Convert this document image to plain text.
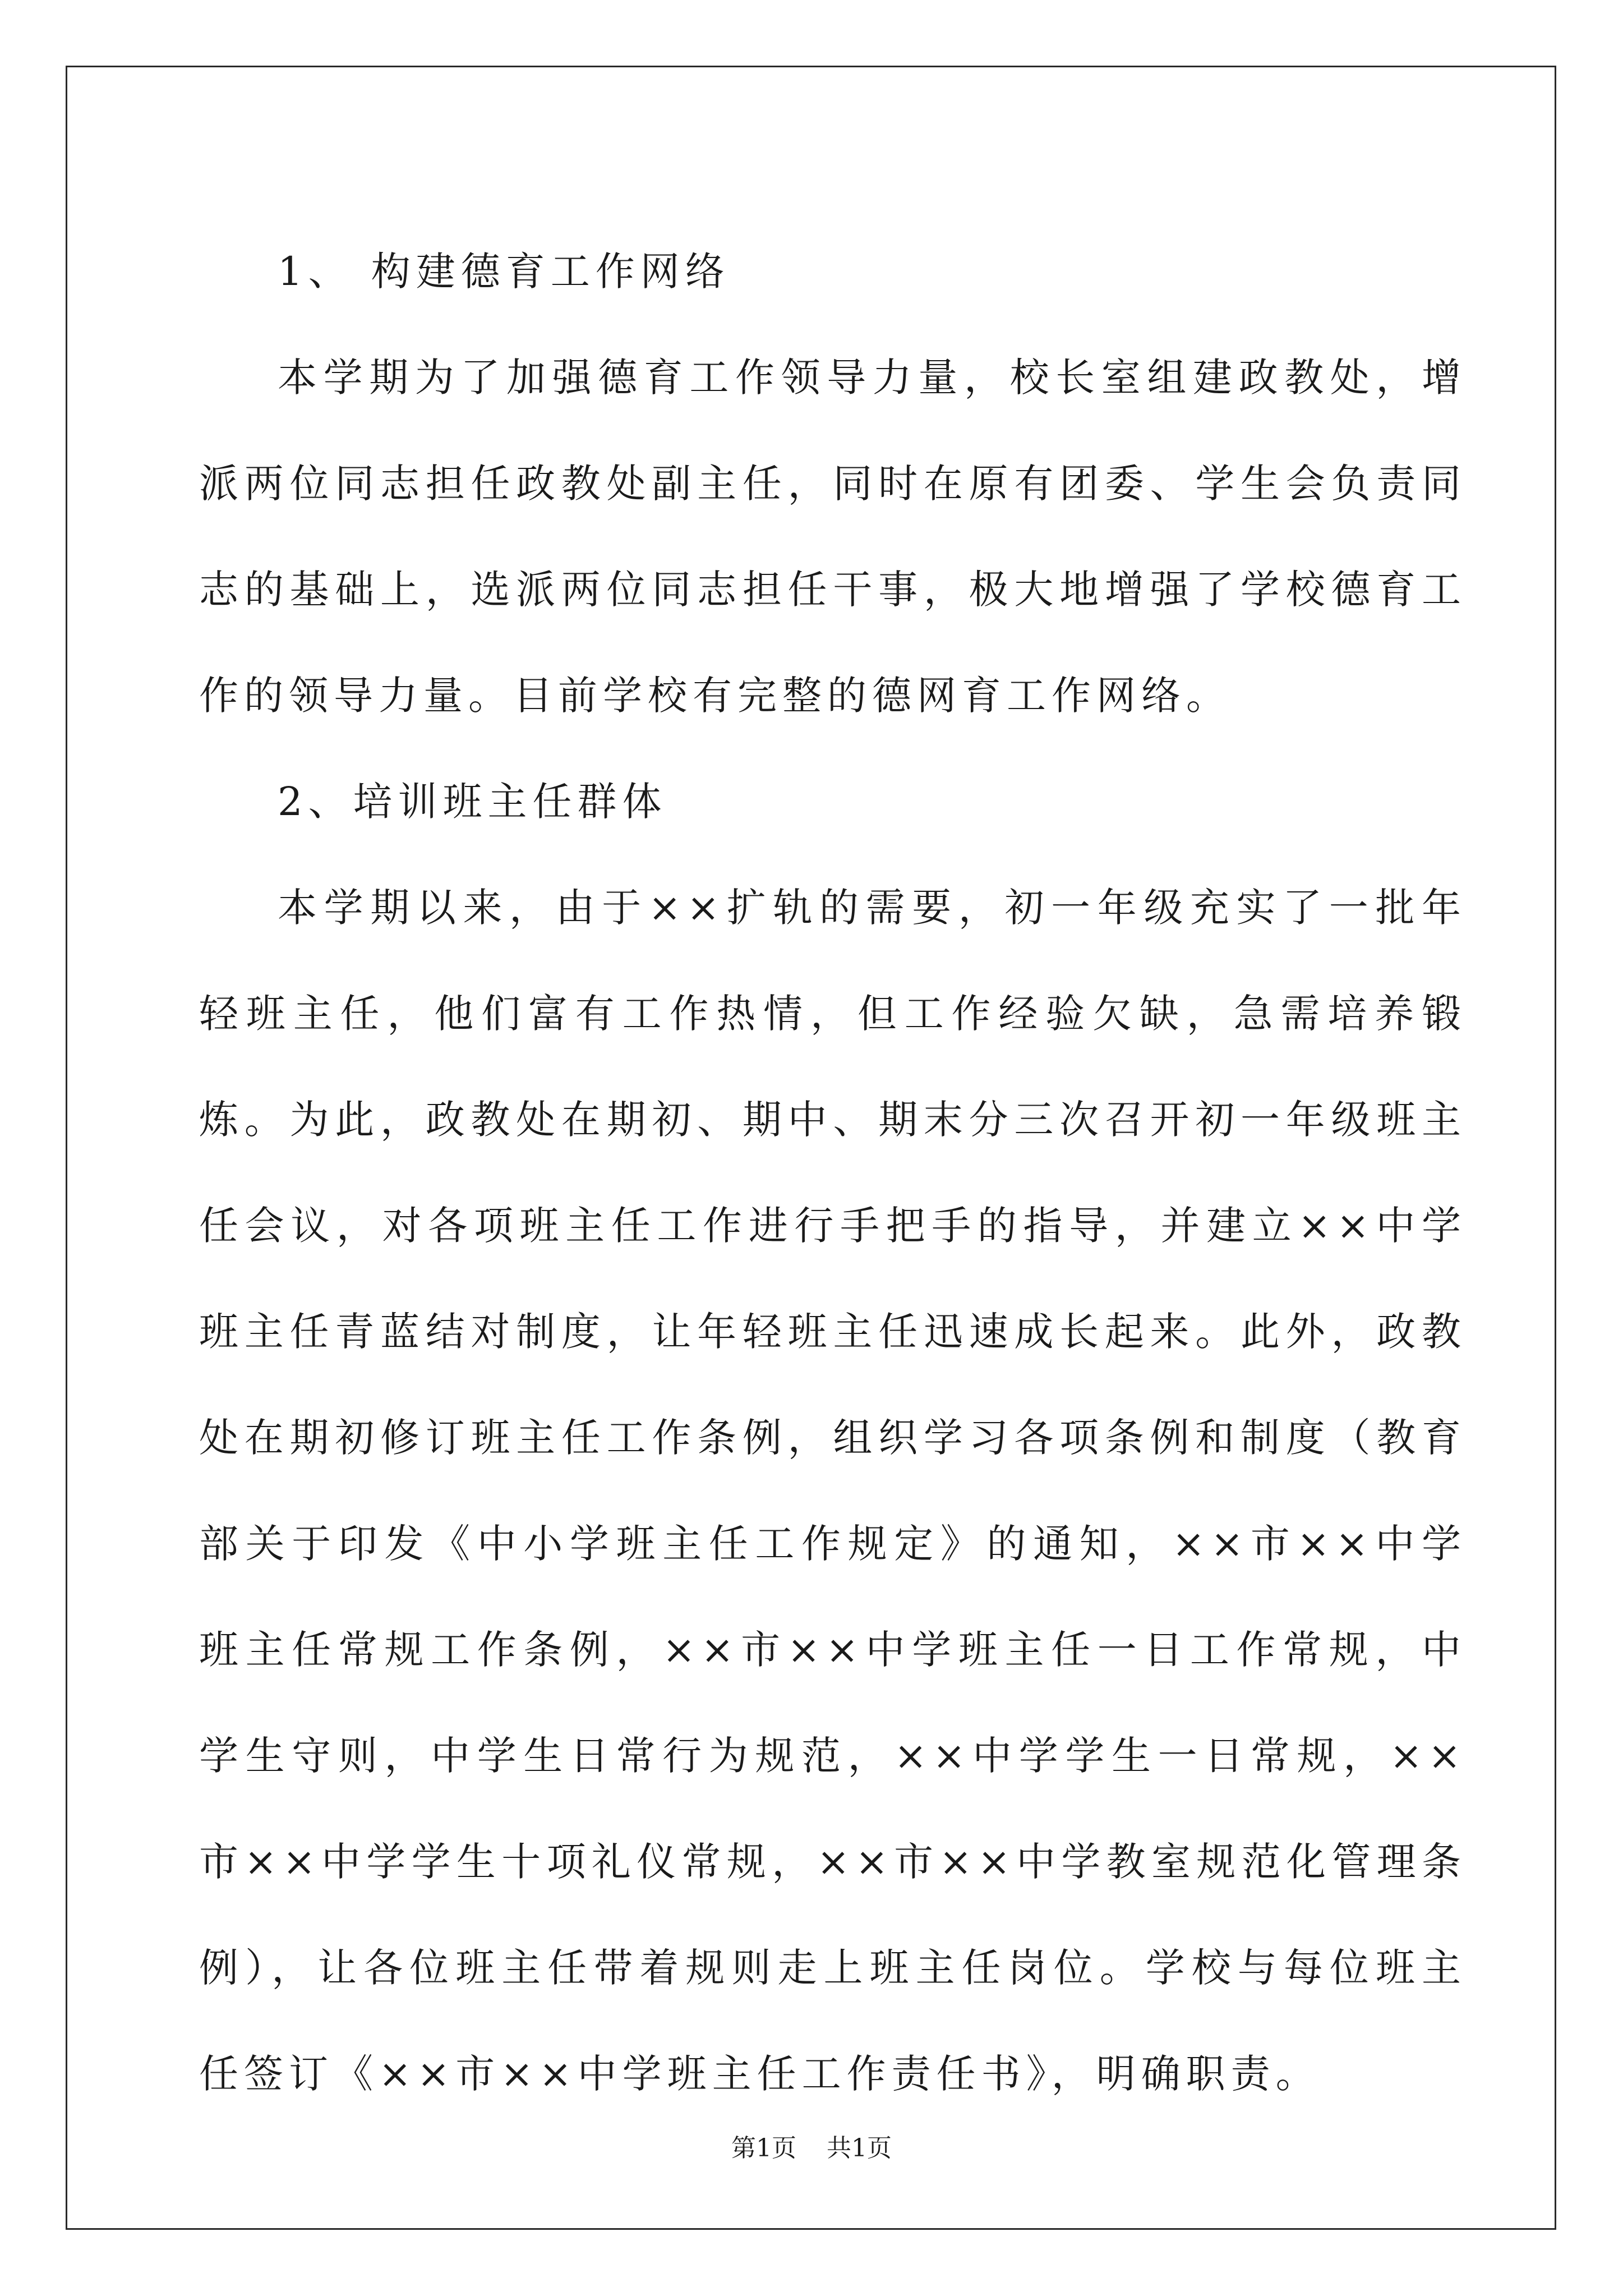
1、 构建德育工作网络

本学期为了加强德育工作领导力量，校长室组建政教处，增派两位同志担任政教处副主任，同时在原有团委、学生会负责同志的基础上，选派两位同志担任干事，极大地增强了学校德育工作的领导力量。目前学校有完整的德网育工作网络。

2、培训班主任群体

本学期以来，由于××扩轨的需要，初一年级充实了一批年轻班主任，他们富有工作热情，但工作经验欠缺，急需培养锻炼。为此，政教处在期初、期中、期末分三次召开初一年级班主任会议，对各项班主任工作进行手把手的指导，并建立××中学班主任青蓝结对制度，让年轻班主任迅速成长起来。此外，政教处在期初修订班主任工作条例，组织学习各项条例和制度（教育部关于印发《中小学班主任工作规定》的通知，××市××中学班主任常规工作条例，××市××中学班主任一日工作常规，中学生守则，中学生日常行为规范，××中学学生一日常规，××市××中学学生十项礼仪常规，××市××中学教室规范化管理条例），让各位班主任带着规则走上班主任岗位。学校与每位班主任签订《××市××中学班主任工作责任书》，明确职责。

第1页 共1页
